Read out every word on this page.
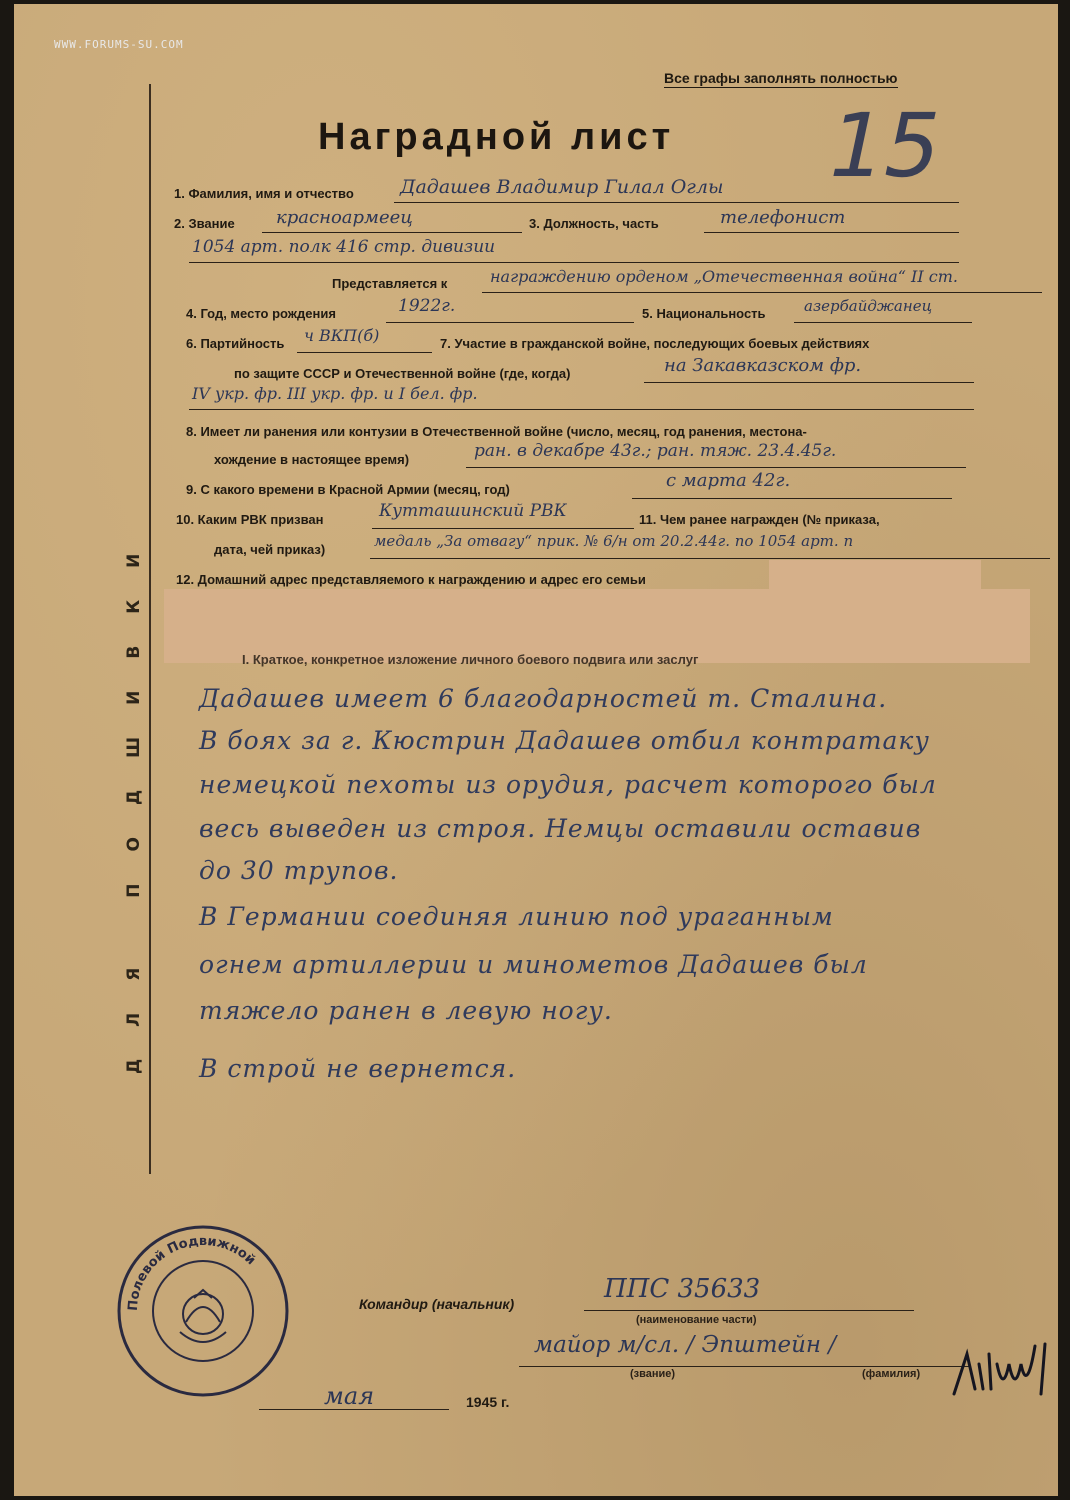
WWW.FORUMS-SU.COM
ДЛЯ ПОДШИВКИ
Все графы заполнять полностью
Наградной лист 15
1. Фамилия, имя и отчество Дадашев Владимир Гилал Оглы
2. Звание красноармеец	3. Должность, часть	телефонист
1054 арт. полк 416 стр. дивизии
Представляется к	награждению орденом „Отечественная война“ II ст.
4. Год, место рождения	1922г.	5. Национальность	азербайджанец
6. Партийность ч ВКП(б)	7. Участие в гражданской войне, последующих боевых действиях
по защите СССР и Отечественной войне (где, когда)	на Закавказском фр.
IV укр. фр. III укр. фр. и I бел. фр.
8. Имеет ли ранения или контузии в Отечественной войне (число, месяц, год ранения, местона-
хождение в настоящее время)	ран. в декабре 43г.; ран. тяж. 23.4.45г.
9. С какого времени в Красной Армии (месяц, год)	с марта 42г.
10. Каким РВК призван	Кутташинский РВК	11. Чем ранее награжден (№ приказа,
дата, чей приказ)	медаль „За отвагу“ прик. № 6/н от 20.2.44г. по 1054 арт. п
12. Домашний адрес представляемого к награждению и адрес его семьи
I. Краткое, конкретное изложение личного боевого подвига или заслуг
Дадашев имеет 6 благодарностей т. Сталина.
В боях за г. Кюстрин Дадашев отбил контратаку
немецкой пехоты из орудия, расчет которого был
весь выведен из строя. Немцы оставили оставив
до 30 трупов.
В Германии соединяя линию под ураганным
огнем артиллерии и минометов Дадашев был
тяжело ранен в левую ногу.
В строй не вернется.
Полевой Подвижной
Командир (начальник)	ППС 35633
(наименование части)
майор м/сл. / Эпштейн /
(звание)	(фамилия)
мая	1945 г.
